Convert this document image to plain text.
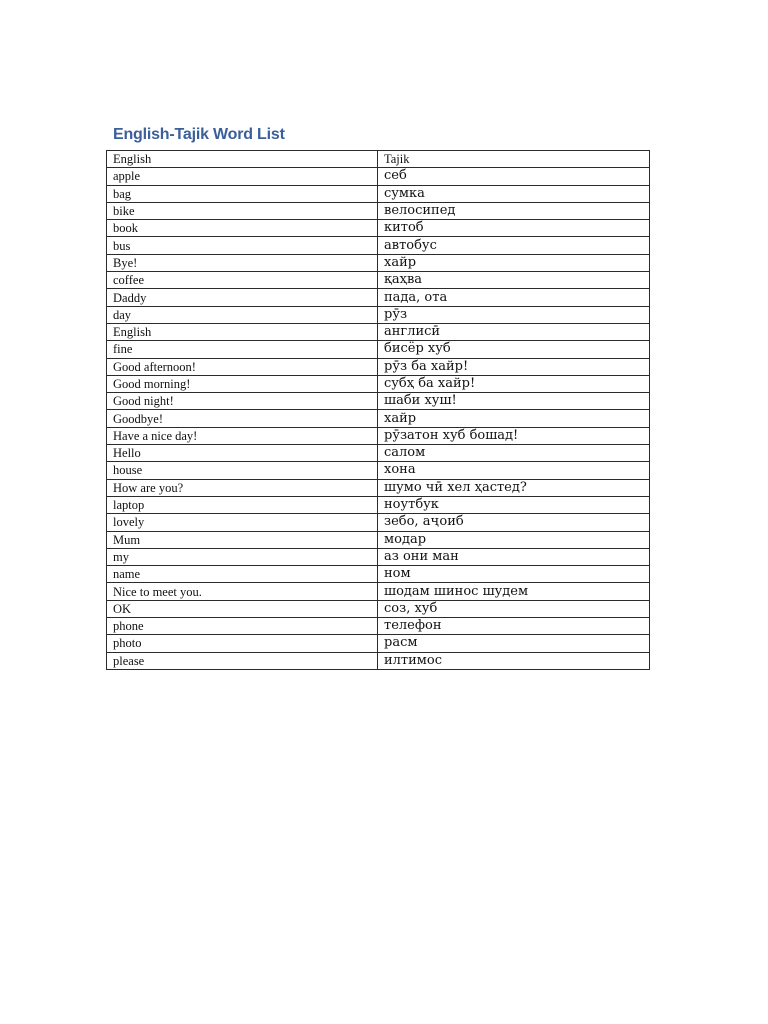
English-Tajik Word List
English	Tajik
apple	себ
bag	сумка
bike	велосипед
book	китоб
bus	автобус
Bye!	хайр
coffee	қаҳва
Daddy	пада, ота
day	рӯз
English	англисӣ
fine	бисёр хуб
Good afternoon!	рӯз ба хайр!
Good morning!	субҳ ба хайр!
Good night!	шаби хуш!
Goodbye!	хайр
Have a nice day!	рӯзатон хуб бошад!
Hello	салом
house	хона
How are you?	шумо чӣ хел ҳастед?
laptop	ноутбук
lovely	зебо, аҷоиб
Mum	модар
my	аз они ман
name	ном
Nice to meet you.	шодам шинос шудем
OK	соз, хуб
phone	телефон
photo	расм
please	илтимос
